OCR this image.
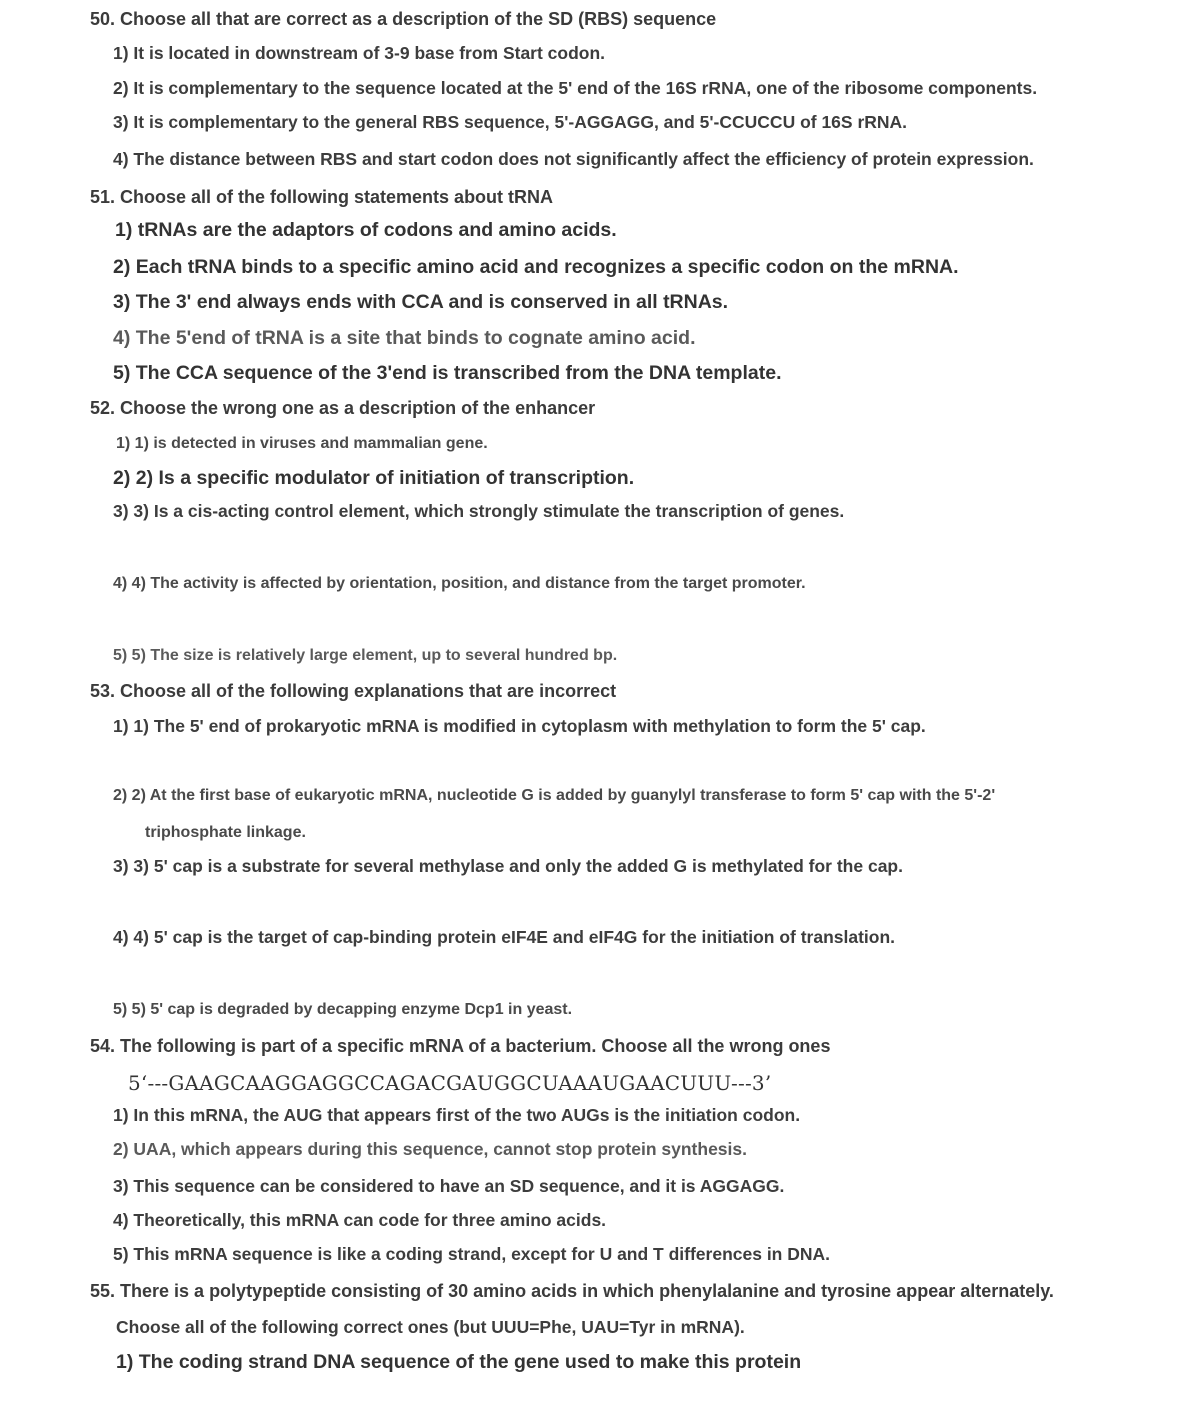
50. Choose all that are correct as a description of the SD (RBS) sequence
1) It is located in downstream of 3-9 base from Start codon.
2) It is complementary to the sequence located at the 5' end of the 16S rRNA, one of the ribosome components.
3) It is complementary to the general RBS sequence, 5'-AGGAGG, and 5'-CCUCCU of 16S rRNA.
4) The distance between RBS and start codon does not significantly affect the efficiency of protein expression.
51. Choose all of the following statements about tRNA
1) tRNAs are the adaptors of codons and amino acids.
2) Each tRNA binds to a specific amino acid and recognizes a specific codon on the mRNA.
3) The 3' end always ends with CCA and is conserved in all tRNAs.
4) The 5'end of tRNA is a site that binds to cognate amino acid.
5) The CCA sequence of the 3'end is transcribed from the DNA template.
52. Choose the wrong one as a description of the enhancer
1) 1) is detected in viruses and mammalian gene.
2) 2) Is a specific modulator of initiation of transcription.
3) 3) Is a cis-acting control element, which strongly stimulate the transcription of genes.
4) 4) The activity is affected by orientation, position, and distance from the target promoter.
5) 5) The size is relatively large element, up to several hundred bp.
53. Choose all of the following explanations that are incorrect
1) 1) The 5' end of prokaryotic mRNA is modified in cytoplasm with methylation to form the 5' cap.
2) 2) At the first base of eukaryotic mRNA, nucleotide G is added by guanylyl transferase to form 5' cap with the 5'-2'
triphosphate linkage.
3) 3) 5' cap is a substrate for several methylase and only the added G is methylated for the cap.
4) 4) 5' cap is the target of cap-binding protein eIF4E and eIF4G for the initiation of translation.
5) 5) 5' cap is degraded by decapping enzyme Dcp1 in yeast.
54. The following is part of a specific mRNA of a bacterium. Choose all the wrong ones
5‘---GAAGCAAGGAGGCCAGACGAUGGCUAAAUGAACUUU---3’
1) In this mRNA, the AUG that appears first of the two AUGs is the initiation codon.
2) UAA, which appears during this sequence, cannot stop protein synthesis.
3) This sequence can be considered to have an SD sequence, and it is AGGAGG.
4) Theoretically, this mRNA can code for three amino acids.
5) This mRNA sequence is like a coding strand, except for U and T differences in DNA.
55. There is a polytypeptide consisting of 30 amino acids in which phenylalanine and tyrosine appear alternately.
Choose all of the following correct ones (but UUU=Phe, UAU=Tyr in mRNA).
1) The coding strand DNA sequence of the gene used to make this protein
